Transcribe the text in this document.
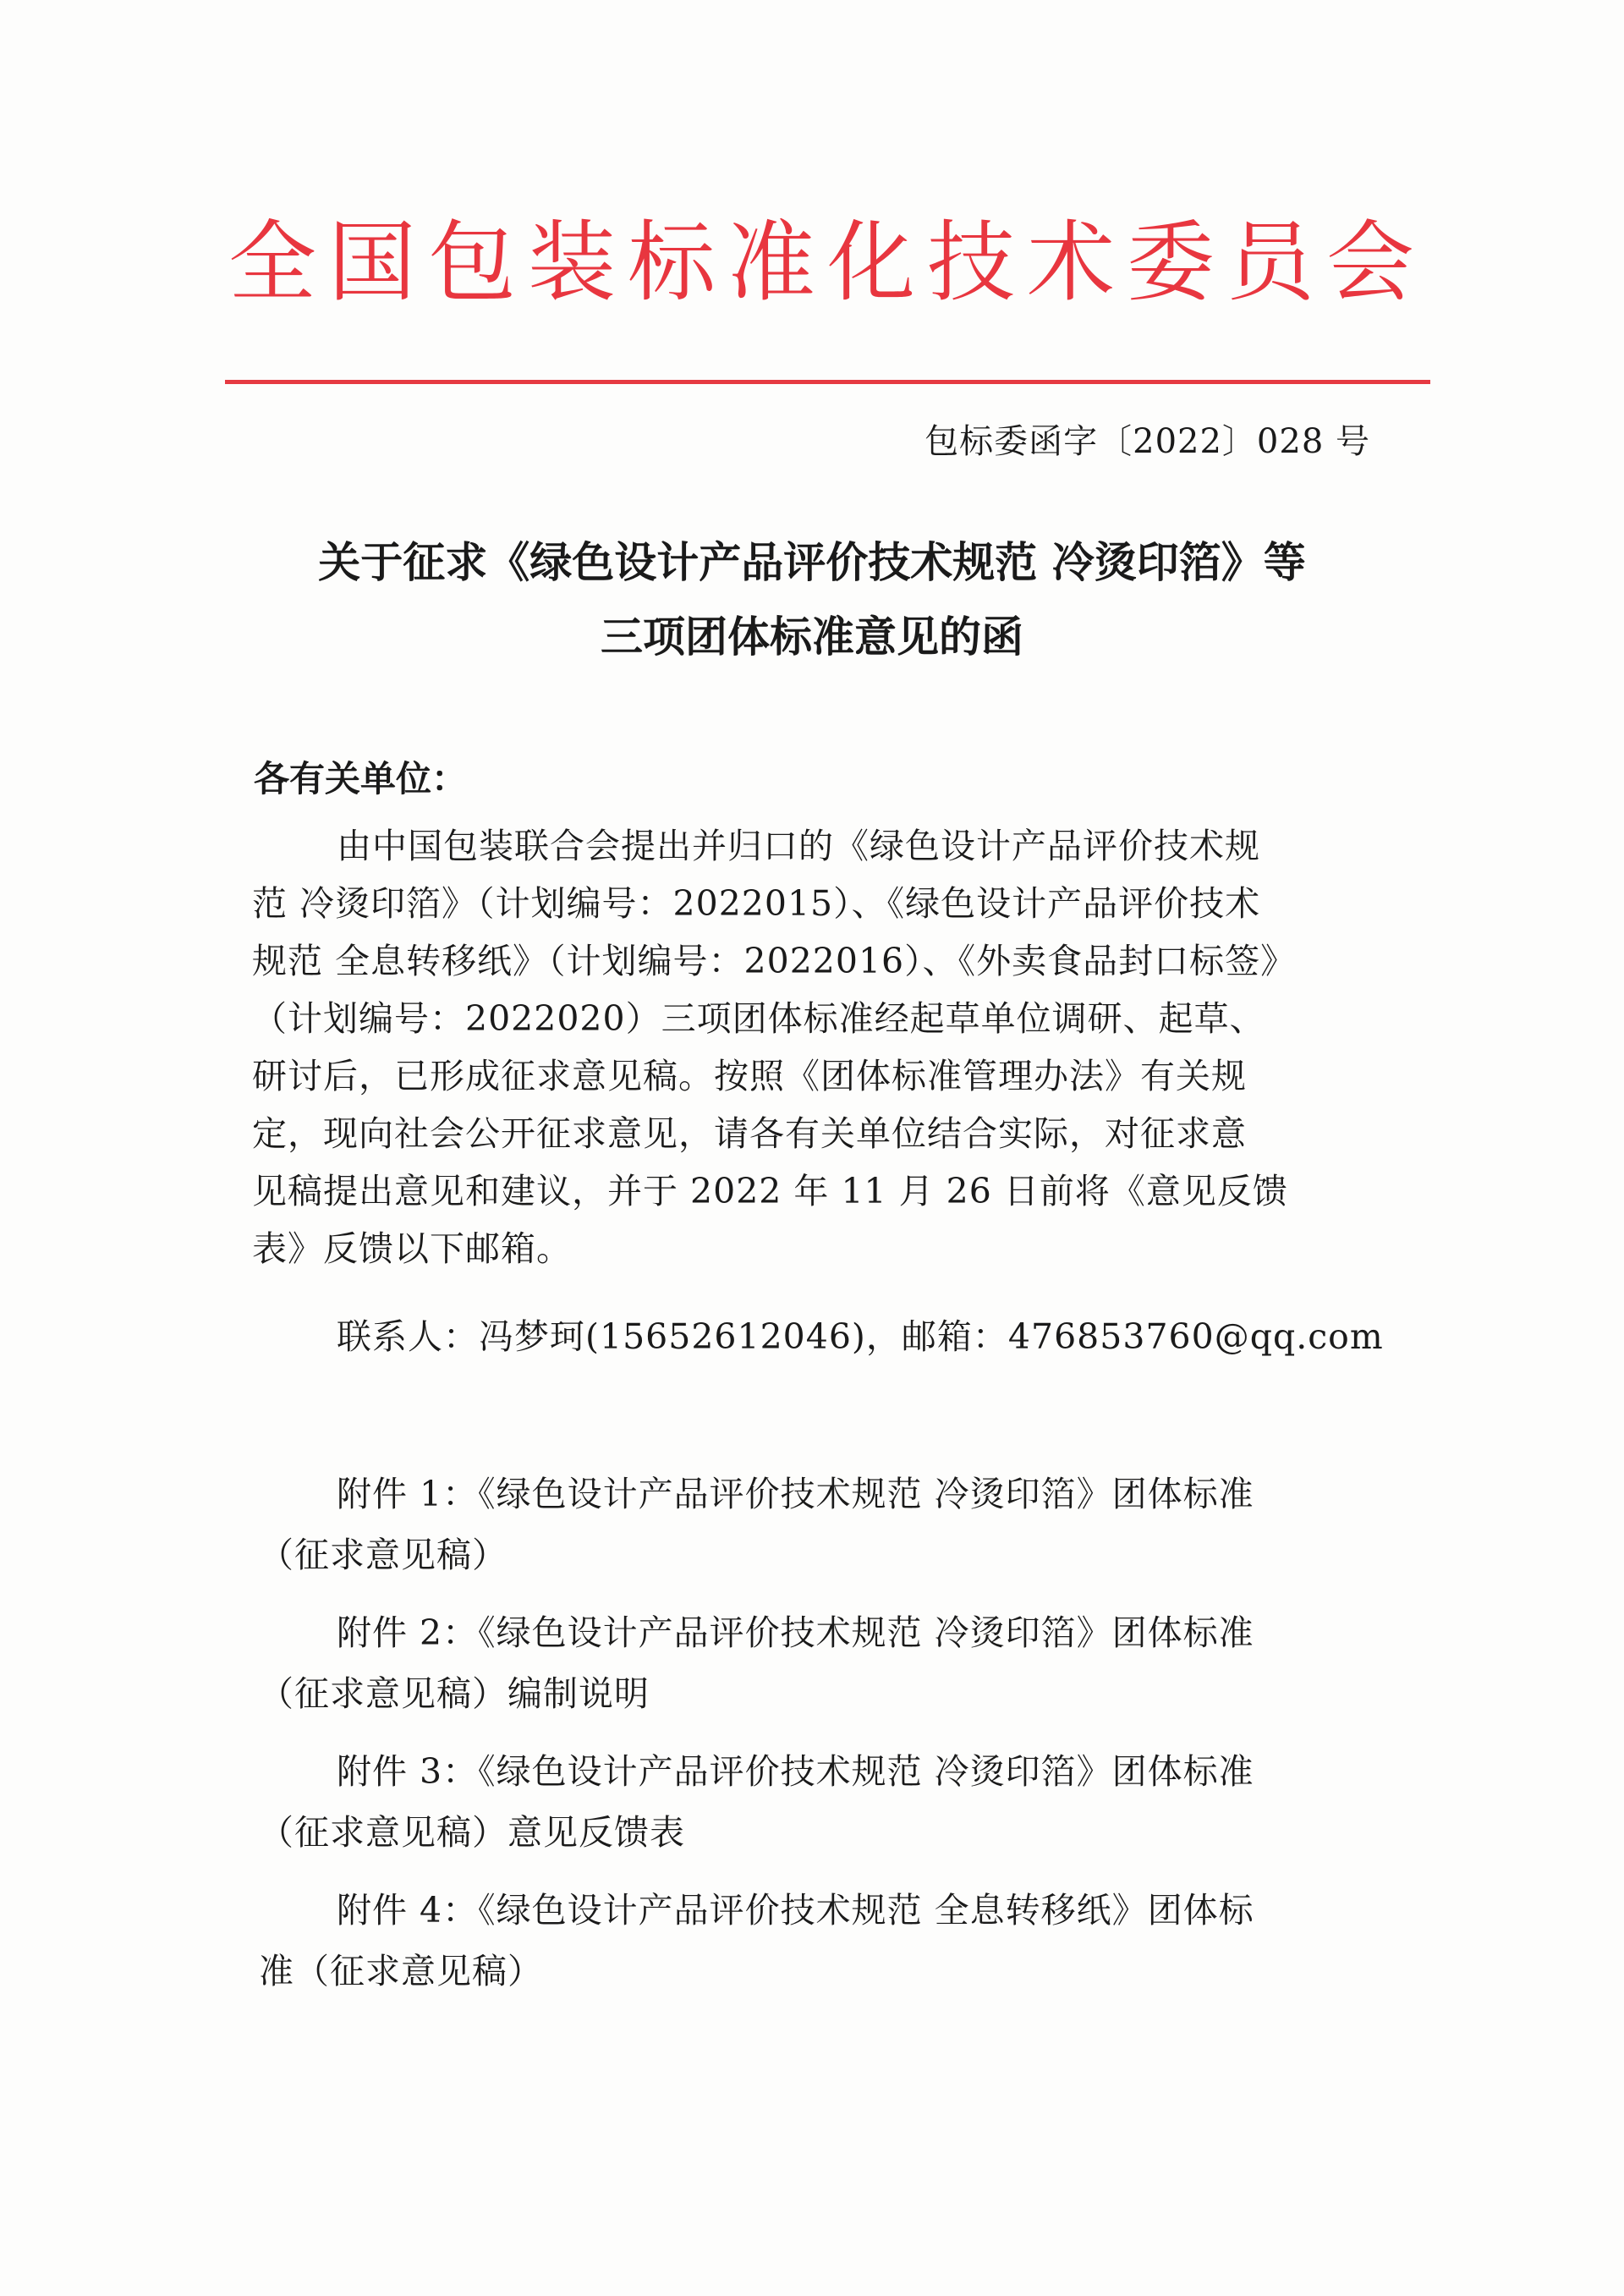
全国包装标准化技术委员会
包标委函字〔2022〕028 号
关于征求《绿色设计产品评价技术规范 冷烫印箔》等
三项团体标准意见的函
各有关单位：
由中国包装联合会提出并归口的《绿色设计产品评价技术规
范 冷烫印箔》（计划编号：2022015）、《绿色设计产品评价技术
规范 全息转移纸》（计划编号：2022016）、《外卖食品封口标签》
（计划编号：2022020）三项团体标准经起草单位调研、起草、
研讨后，已形成征求意见稿。按照《团体标准管理办法》有关规
定，现向社会公开征求意见，请各有关单位结合实际，对征求意
见稿提出意见和建议，并于 2022 年 11 月 26 日前将《意见反馈
表》反馈以下邮箱。
联系人：冯梦珂(15652612046)，邮箱：476853760@qq.com
附件 1：《绿色设计产品评价技术规范 冷烫印箔》团体标准
（征求意见稿）
附件 2：《绿色设计产品评价技术规范 冷烫印箔》团体标准
（征求意见稿）编制说明
附件 3：《绿色设计产品评价技术规范 冷烫印箔》团体标准
（征求意见稿）意见反馈表
附件 4：《绿色设计产品评价技术规范 全息转移纸》团体标
准（征求意见稿）
